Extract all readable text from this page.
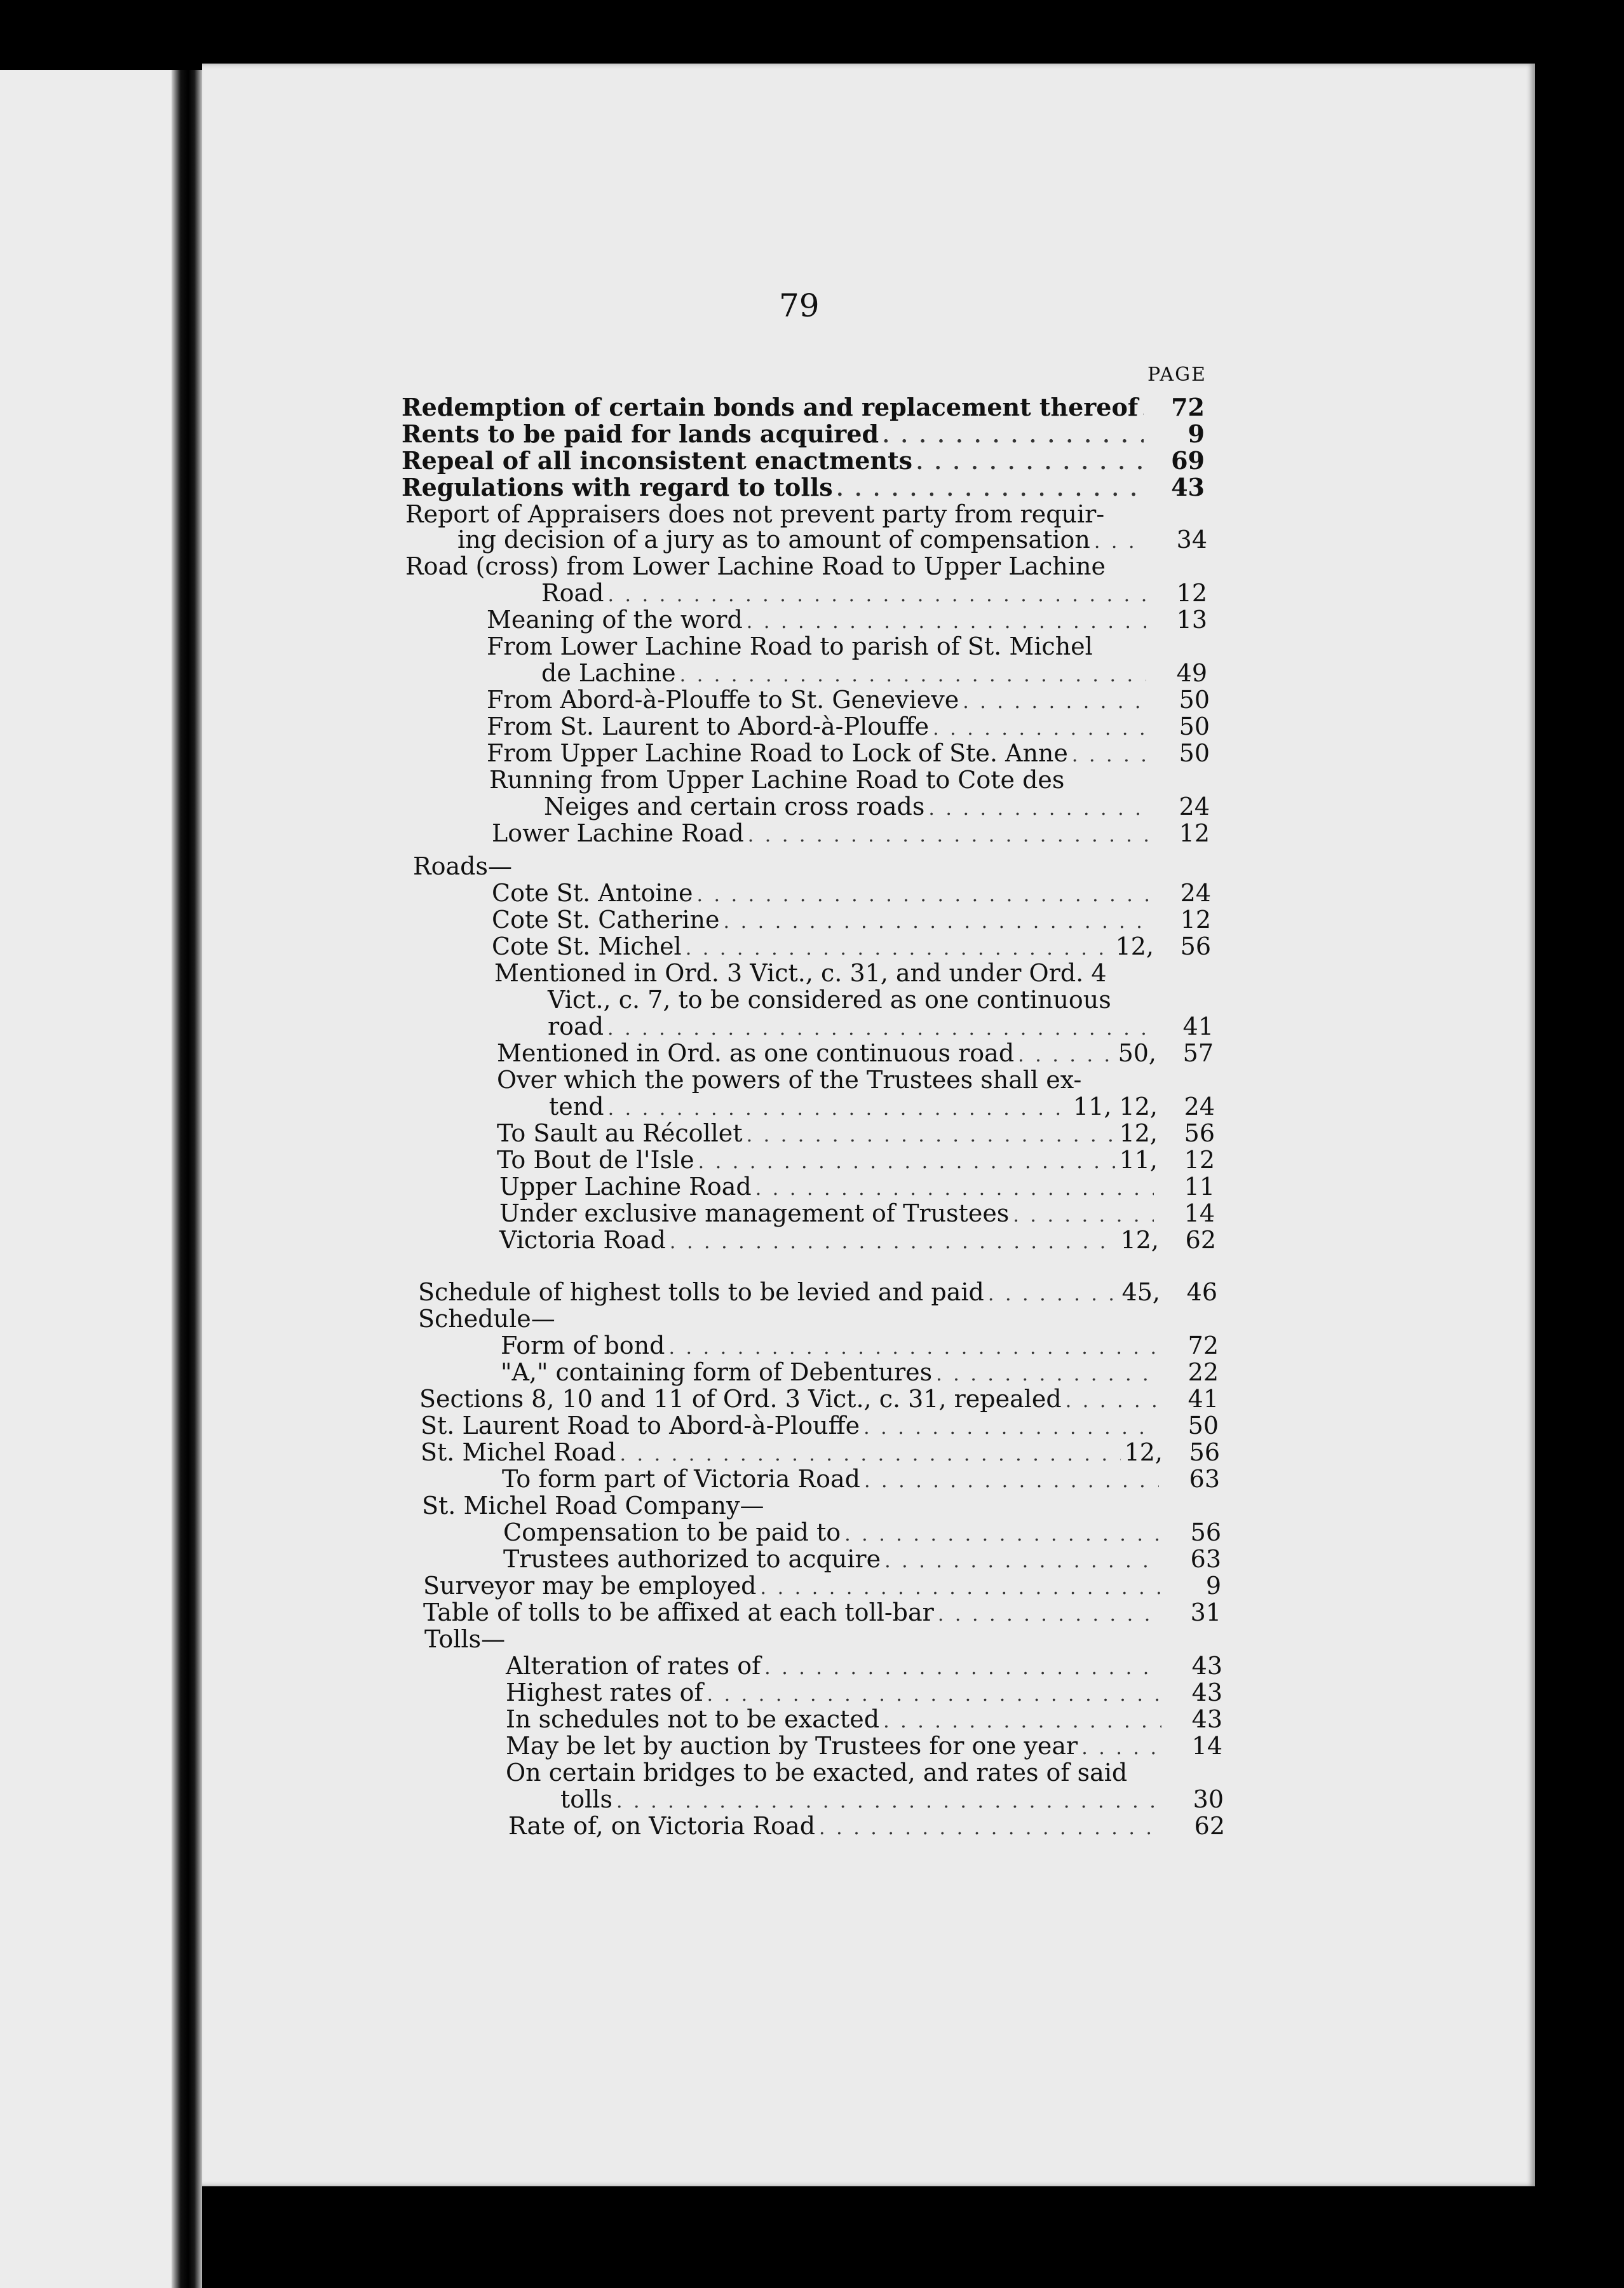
79
PAGE
Redemption of certain bonds and replacement thereof . . .	72
Rents to be paid for lands acquired . . .	9
Repeal of all inconsistent enactments . . .	69
Regulations with regard to tolls . . .	43
Report of Appraisers does not prevent party from requir-
ing decision of a jury as to amount of compensation . . .	34
Road (cross) from Lower Lachine Road to Upper Lachine
Road . . .	12
Meaning of the word . . .	13
From Lower Lachine Road to parish of St. Michel
de Lachine . . .	49
From Abord-à-Plouffe to St. Genevieve . . .	50
From St. Laurent to Abord-à-Plouffe . . .	50
From Upper Lachine Road to Lock of Ste. Anne . . .	50
Running from Upper Lachine Road to Cote des
Neiges and certain cross roads . . .	24
Lower Lachine Road . . .	12
Roads—
Cote St. Antoine . . .	24
Cote St. Catherine . . .	12
Cote St. Michel . . .	12,	56
Mentioned in Ord. 3 Vict., c. 31, and under Ord. 4
Vict., c. 7, to be considered as one continuous
road . . .	41
Mentioned in Ord. as one continuous road . . .	50,	57
Over which the powers of the Trustees shall ex-
tend . . .	11, 12,	24
To Sault au Récollet . . .	12,	56
To Bout de l'Isle . . .	11,	12
Upper Lachine Road . . .	11
Under exclusive management of Trustees . . .	14
Victoria Road . . .	12,	62
Schedule of highest tolls to be levied and paid . . .	45,	46
Schedule—
Form of bond . . .	72
"A," containing form of Debentures . . .	22
Sections 8, 10 and 11 of Ord. 3 Vict., c. 31, repealed . . .	41
St. Laurent Road to Abord-à-Plouffe . . .	50
St. Michel Road . . .	12,	56
To form part of Victoria Road . . .	63
St. Michel Road Company—
Compensation to be paid to . . .	56
Trustees authorized to acquire . . .	63
Surveyor may be employed . . .	9
Table of tolls to be affixed at each toll-bar . . .	31
Tolls—
Alteration of rates of . . .	43
Highest rates of . . .	43
In schedules not to be exacted . . .	43
May be let by auction by Trustees for one year . . .	14
On certain bridges to be exacted, and rates of said
tolls . . .	30
Rate of, on Victoria Road . . .	62
